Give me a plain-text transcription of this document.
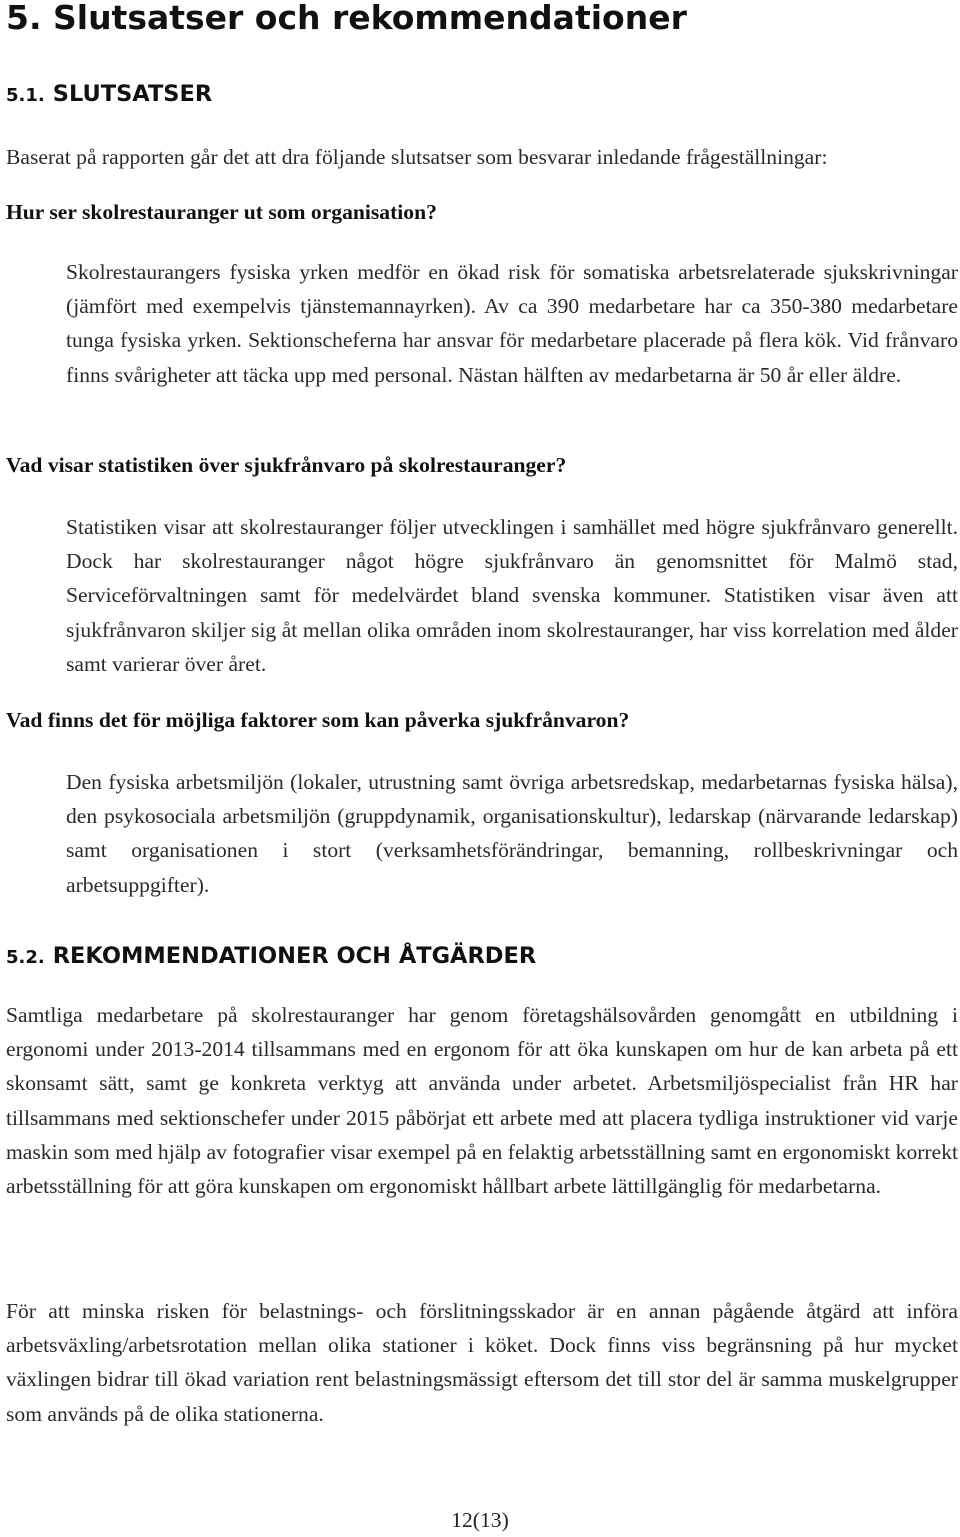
5. Slutsatser och rekommendationer
5.1. SLUTSATSER

Baserat på rapporten går det att dra följande slutsatser som besvarar inledande frågeställningar:

Hur ser skolrestauranger ut som organisation?

Skolrestaurangers fysiska yrken medför en ökad risk för somatiska arbetsrelaterade sjukskrivningar (jämfört med exempelvis tjänstemannayrken). Av ca 390 medarbetare har ca 350-380 medarbetare tunga fysiska yrken. Sektionscheferna har ansvar för medarbetare placerade på flera kök. Vid frånvaro finns svårigheter att täcka upp med personal. Nästan hälften av medarbetarna är 50 år eller äldre.

Vad visar statistiken över sjukfrånvaro på skolrestauranger?

Statistiken visar att skolrestauranger följer utvecklingen i samhället med högre sjukfrånvaro generellt. Dock har skolrestauranger något högre sjukfrånvaro än genomsnittet för Malmö stad, Serviceförvaltningen samt för medelvärdet bland svenska kommuner. Statistiken visar även att sjukfrånvaron skiljer sig åt mellan olika områden inom skolrestauranger, har viss korrelation med ålder samt varierar över året.

Vad finns det för möjliga faktorer som kan påverka sjukfrånvaron?

Den fysiska arbetsmiljön (lokaler, utrustning samt övriga arbetsredskap, medarbetarnas fysiska hälsa), den psykosociala arbetsmiljön (gruppdynamik, organisationskultur), ledarskap (närvarande ledarskap) samt organisationen i stort (verksamhetsförändringar, bemanning, rollbeskrivningar och arbetsuppgifter).

5.2. REKOMMENDATIONER OCH ÅTGÄRDER

Samtliga medarbetare på skolrestauranger har genom företagshälsovården genomgått en utbildning i ergonomi under 2013-2014 tillsammans med en ergonom för att öka kunskapen om hur de kan arbeta på ett skonsamt sätt, samt ge konkreta verktyg att använda under arbetet. Arbetsmiljöspecialist från HR har tillsammans med sektionschefer under 2015 påbörjat ett arbete med att placera tydliga instruktioner vid varje maskin som med hjälp av fotografier visar exempel på en felaktig arbetsställning samt en ergonomiskt korrekt arbetsställning för att göra kunskapen om ergonomiskt hållbart arbete lättillgänglig för medarbetarna.

För att minska risken för belastnings- och förslitningsskador är en annan pågående åtgärd att införa arbetsväxling/arbetsrotation mellan olika stationer i köket. Dock finns viss begränsning på hur mycket växlingen bidrar till ökad variation rent belastningsmässigt eftersom det till stor del är samma muskelgrupper som används på de olika stationerna.

12(13)
